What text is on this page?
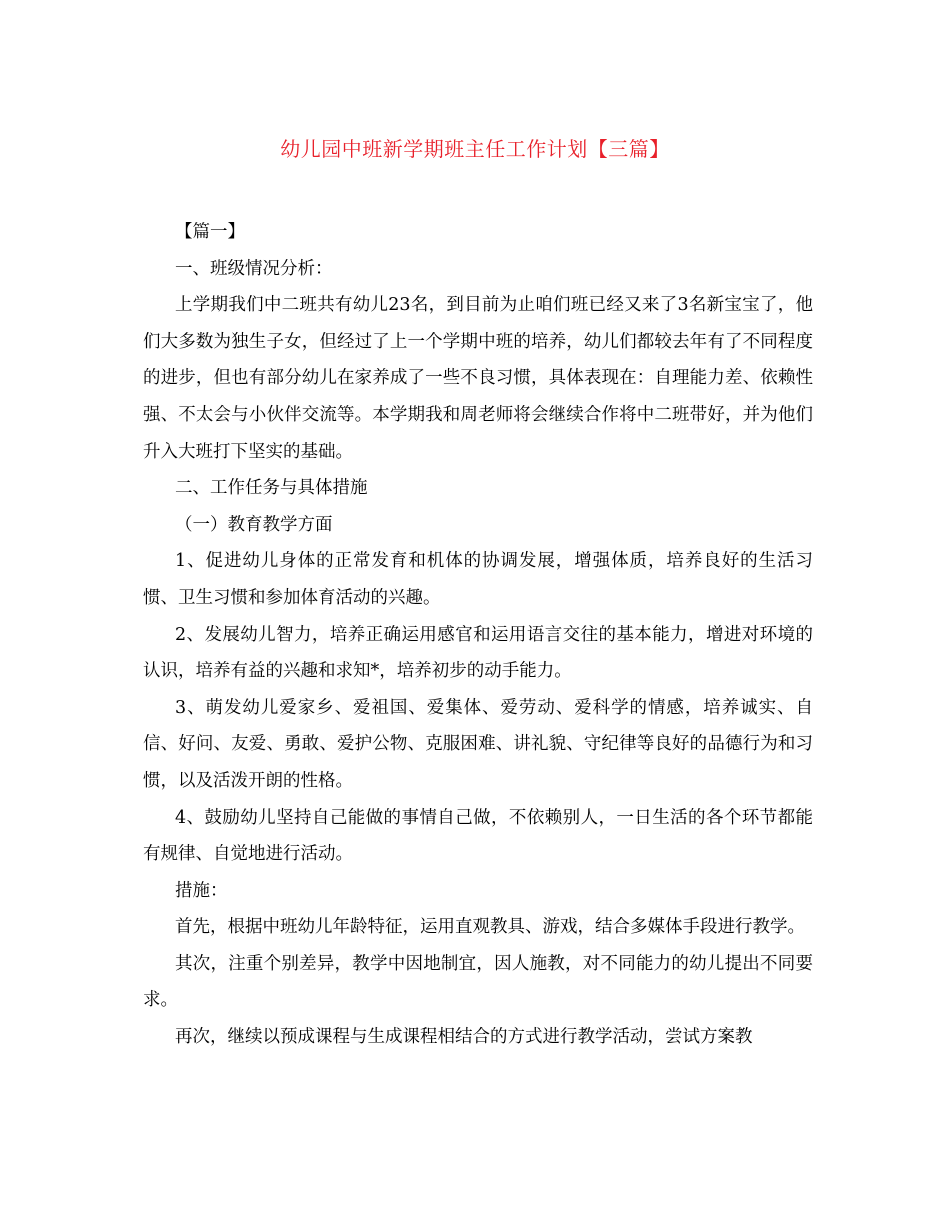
幼儿园中班新学期班主任工作计划【三篇】

【篇一】

一、班级情况分析：

上学期我们中二班共有幼儿23名，到目前为止咱们班已经又来了3名新宝宝了，他们大多数为独生子女，但经过了上一个学期中班的培养，幼儿们都较去年有了不同程度的进步，但也有部分幼儿在家养成了一些不良习惯，具体表现在：自理能力差、依赖性强、不太会与小伙伴交流等。本学期我和周老师将会继续合作将中二班带好，并为他们升入大班打下坚实的基础。

二、工作任务与具体措施

（一）教育教学方面

1、促进幼儿身体的正常发育和机体的协调发展，增强体质，培养良好的生活习惯、卫生习惯和参加体育活动的兴趣。

2、发展幼儿智力，培养正确运用感官和运用语言交往的基本能力，增进对环境的认识，培养有益的兴趣和求知*，培养初步的动手能力。

3、萌发幼儿爱家乡、爱祖国、爱集体、爱劳动、爱科学的情感，培养诚实、自信、好问、友爱、勇敢、爱护公物、克服困难、讲礼貌、守纪律等良好的品德行为和习惯，以及活泼开朗的性格。

4、鼓励幼儿坚持自己能做的事情自己做，不依赖别人，一日生活的各个环节都能有规律、自觉地进行活动。

措施：

首先，根据中班幼儿年龄特征，运用直观教具、游戏，结合多媒体手段进行教学。

其次，注重个别差异，教学中因地制宜，因人施教，对不同能力的幼儿提出不同要求。

再次，继续以预成课程与生成课程相结合的方式进行教学活动，尝试方案教
